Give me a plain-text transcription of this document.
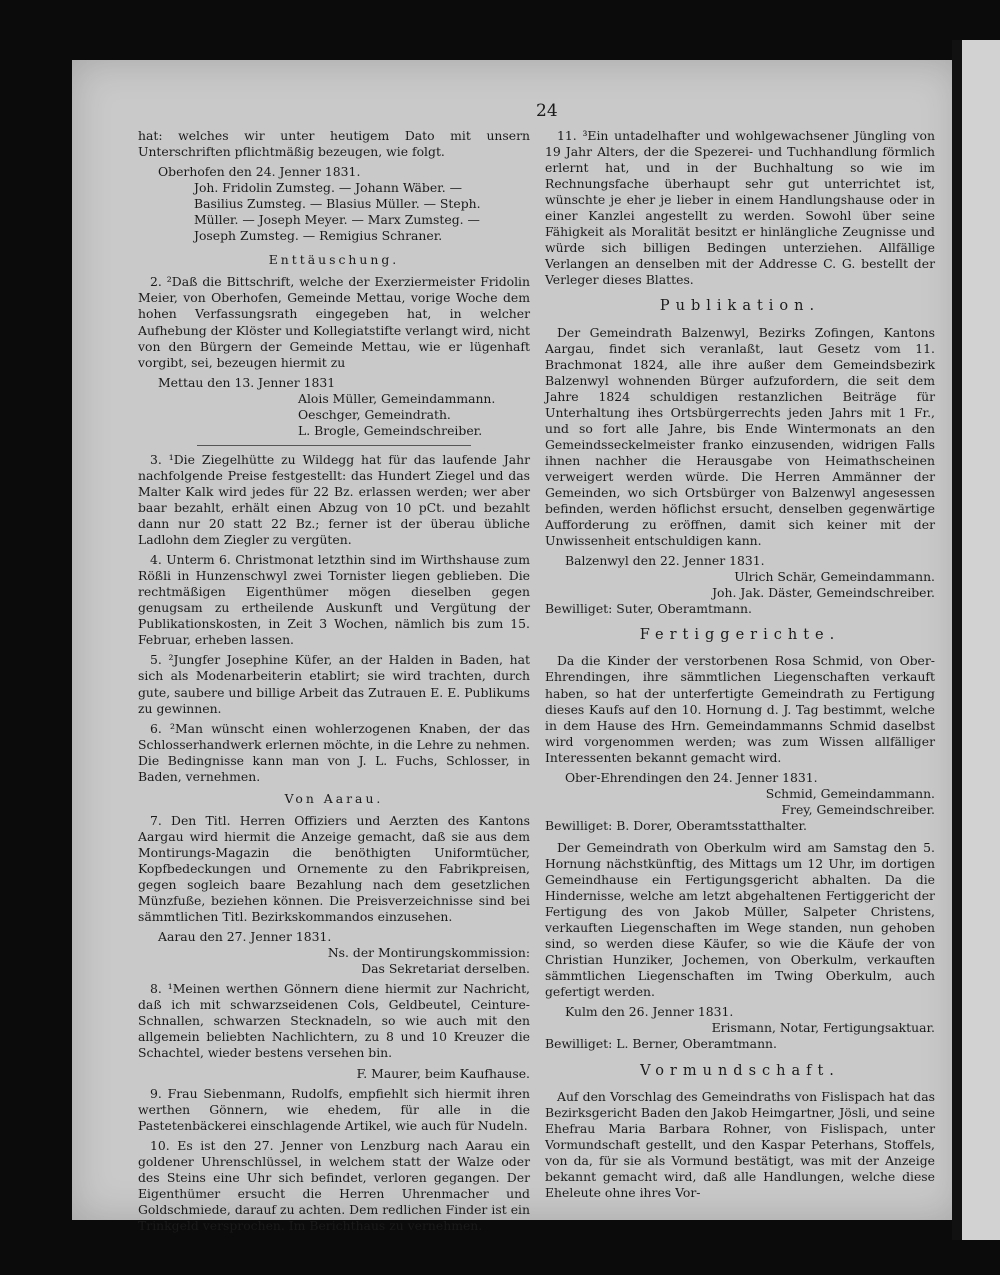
24

hat: welches wir unter heutigem Dato mit unsern Unterschriften pflichtmäßig bezeugen, wie folgt.

Oberhofen den 24. Jenner 1831.
Joh. Fridolin Zumsteg. — Johann Wäber. —
Basilius Zumsteg. — Blasius Müller. — Steph.
Müller. — Joseph Meyer. — Marx Zumsteg. —
Joseph Zumsteg. — Remigius Schraner.
Enttäuschung.

2. ²Daß die Bittschrift, welche der Exerziermeister Fridolin Meier, von Oberhofen, Gemeinde Mettau, vorige Woche dem hohen Verfassungsrath eingegeben hat, in welcher Aufhebung der Klöster und Kollegiatstifte verlangt wird, nicht von den Bürgern der Gemeinde Mettau, wie er lügenhaft vorgibt, sei, bezeugen hiermit zu

Mettau den 13. Jenner 1831
Alois Müller, Gemeindammann.
Oeschger, Gemeindrath.
L. Brogle, Gemeindschreiber.

3. ¹Die Ziegelhütte zu Wildegg hat für das laufende Jahr nachfolgende Preise festgestellt: das Hundert Ziegel und das Malter Kalk wird jedes für 22 Bz. erlassen werden; wer aber baar bezahlt, erhält einen Abzug von 10 pCt. und bezahlt dann nur 20 statt 22 Bz.; ferner ist der überau übliche Ladlohn dem Ziegler zu vergüten.

4. Unterm 6. Christmonat letzthin sind im Wirthshause zum Rößli in Hunzenschwyl zwei Tornister liegen geblieben. Die rechtmäßigen Eigenthümer mögen dieselben gegen genugsam zu ertheilende Auskunft und Vergütung der Publikationskosten, in Zeit 3 Wochen, nämlich bis zum 15. Februar, erheben lassen.

5. ²Jungfer Josephine Küfer, an der Halden in Baden, hat sich als Modenarbeiterin etablirt; sie wird trachten, durch gute, saubere und billige Arbeit das Zutrauen E. E. Publikums zu gewinnen.

6. ²Man wünscht einen wohlerzogenen Knaben, der das Schlosserhandwerk erlernen möchte, in die Lehre zu nehmen. Die Bedingnisse kann man von J. L. Fuchs, Schlosser, in Baden, vernehmen.

Von Aarau.

7. Den Titl. Herren Offiziers und Aerzten des Kantons Aargau wird hiermit die Anzeige gemacht, daß sie aus dem Montirungs-Magazin die benöthigten Uniformtücher, Kopfbedeckungen und Ornemente zu den Fabrikpreisen, gegen sogleich baare Bezahlung nach dem gesetzlichen Münzfuße, beziehen können. Die Preisverzeichnisse sind bei sämmtlichen Titl. Bezirkskommandos einzusehen.

Aarau den 27. Jenner 1831.
Ns. der Montirungskommission:
Das Sekretariat derselben.

8. ¹Meinen werthen Gönnern diene hiermit zur Nachricht, daß ich mit schwarzseidenen Cols, Geldbeutel, Ceinture-Schnallen, schwarzen Stecknadeln, so wie auch mit den allgemein beliebten Nachlichtern, zu 8 und 10 Kreuzer die Schachtel, wieder bestens versehen bin.

F. Maurer, beim Kaufhause.

9. Frau Siebenmann, Rudolfs, empfiehlt sich hiermit ihren werthen Gönnern, wie ehedem, für alle in die Pastetenbäckerei einschlagende Artikel, wie auch für Nudeln.

10. Es ist den 27. Jenner von Lenzburg nach Aarau ein goldener Uhrenschlüssel, in welchem statt der Walze oder des Steins eine Uhr sich befindet, verloren gegangen. Der Eigenthümer ersucht die Herren Uhrenmacher und Goldschmiede, darauf zu achten. Dem redlichen Finder ist ein Trinkgeld versprochen. Im Berichthaus zu vernehmen.

11. ³Ein untadelhafter und wohlgewachsener Jüngling von 19 Jahr Alters, der die Spezerei- und Tuchhandlung förmlich erlernt hat, und in der Buchhaltung so wie im Rechnungsfache überhaupt sehr gut unterrichtet ist, wünschte je eher je lieber in einem Handlungshause oder in einer Kanzlei angestellt zu werden. Sowohl über seine Fähigkeit als Moralität besitzt er hinlängliche Zeugnisse und würde sich billigen Bedingen unterziehen. Allfällige Verlangen an denselben mit der Addresse C. G. bestellt der Verleger dieses Blattes.

Publikation.

Der Gemeindrath Balzenwyl, Bezirks Zofingen, Kantons Aargau, findet sich veranlaßt, laut Gesetz vom 11. Brachmonat 1824, alle ihre außer dem Gemeindsbezirk Balzenwyl wohnenden Bürger aufzufordern, die seit dem Jahre 1824 schuldigen restanzlichen Beiträge für Unterhaltung ihes Ortsbürgerrechts jeden Jahrs mit 1 Fr., und so fort alle Jahre, bis Ende Wintermonats an den Gemeindsseckelmeister franko einzusenden, widrigen Falls ihnen nachher die Herausgabe von Heimathscheinen verweigert werden würde. Die Herren Ammänner der Gemeinden, wo sich Ortsbürger von Balzenwyl angesessen befinden, werden höflichst ersucht, denselben gegenwärtige Aufforderung zu eröffnen, damit sich keiner mit der Unwissenheit entschuldigen kann.

Balzenwyl den 22. Jenner 1831.
Ulrich Schär, Gemeindammann.
Joh. Jak. Däster, Gemeindschreiber.
Bewilliget: Suter, Oberamtmann.
Fertiggerichte.

Da die Kinder der verstorbenen Rosa Schmid, von Ober-Ehrendingen, ihre sämmtlichen Liegenschaften verkauft haben, so hat der unterfertigte Gemeindrath zu Fertigung dieses Kaufs auf den 10. Hornung d. J. Tag bestimmt, welche in dem Hause des Hrn. Gemeindammanns Schmid daselbst wird vorgenommen werden; was zum Wissen allfälliger Interessenten bekannt gemacht wird.

Ober-Ehrendingen den 24. Jenner 1831.
Schmid, Gemeindammann.
Frey, Gemeindschreiber.
Bewilliget: B. Dorer, Oberamtsstatthalter.

Der Gemeindrath von Oberkulm wird am Samstag den 5. Hornung nächstkünftig, des Mittags um 12 Uhr, im dortigen Gemeindhause ein Fertigungsgericht abhalten. Da die Hindernisse, welche am letzt abgehaltenen Fertiggericht der Fertigung des von Jakob Müller, Salpeter Christens, verkauften Liegenschaften im Wege standen, nun gehoben sind, so werden diese Käufer, so wie die Käufe der von Christian Hunziker, Jochemen, von Oberkulm, verkauften sämmtlichen Liegenschaften im Twing Oberkulm, auch gefertigt werden.

Kulm den 26. Jenner 1831.
Erismann, Notar, Fertigungsaktuar.
Bewilliget: L. Berner, Oberamtmann.
Vormundschaft.

Auf den Vorschlag des Gemeindraths von Fislispach hat das Bezirksgericht Baden den Jakob Heimgartner, Jösli, und seine Ehefrau Maria Barbara Rohner, von Fislispach, unter Vormundschaft gestellt, und den Kaspar Peterhans, Stoffels, von da, für sie als Vormund bestätigt, was mit der Anzeige bekannt gemacht wird, daß alle Handlungen, welche diese Eheleute ohne ihres Vor-
